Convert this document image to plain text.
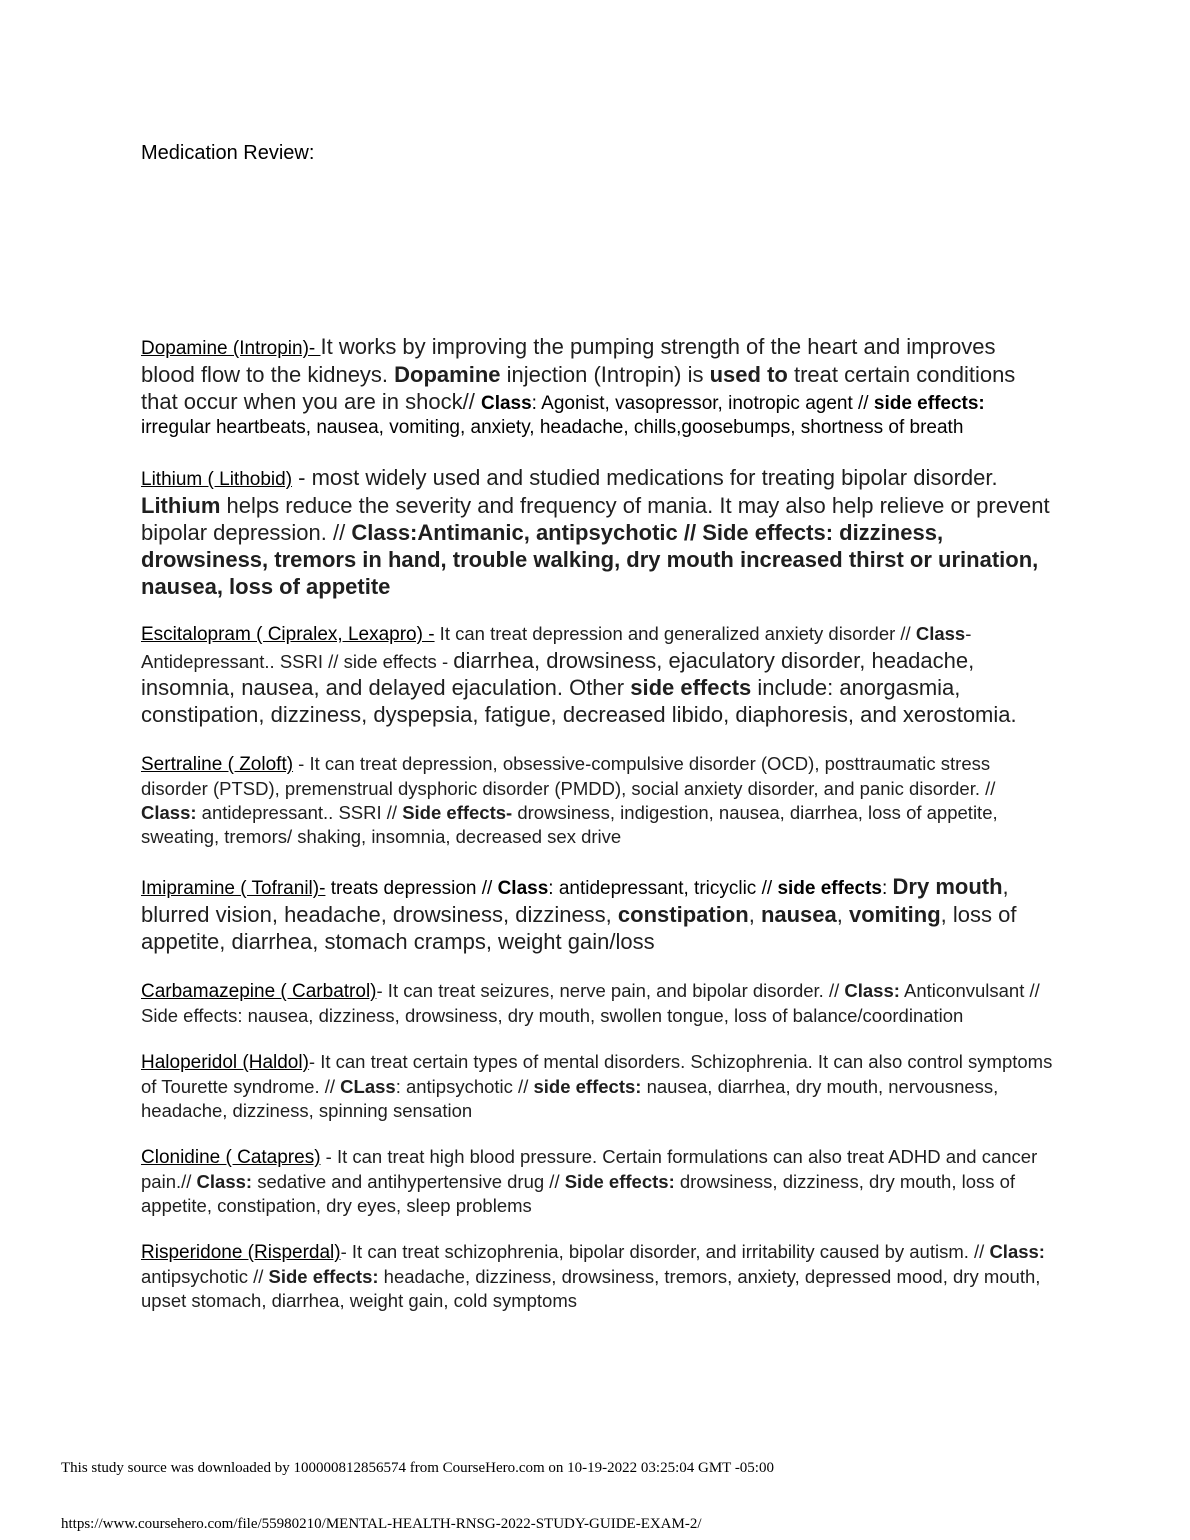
Medication Review:

Dopamine (Intropin)- It works by improving the pumping strength of the heart and improves blood flow to the kidneys. Dopamine injection (Intropin) is used to treat certain conditions that occur when you are in shock// Class: Agonist, vasopressor, inotropic agent // side effects: irregular heartbeats, nausea, vomiting, anxiety, headache, chills,goosebumps, shortness of breath

Lithium ( Lithobid) - most widely used and studied medications for treating bipolar disorder. Lithium helps reduce the severity and frequency of mania. It may also help relieve or prevent bipolar depression. // Class:Antimanic, antipsychotic // Side effects: dizziness, drowsiness, tremors in hand, trouble walking, dry mouth increased thirst or urination, nausea, loss of appetite

Escitalopram ( Cipralex, Lexapro) - It can treat depression and generalized anxiety disorder // Class- Antidepressant.. SSRI // side effects - diarrhea, drowsiness, ejaculatory disorder, headache, insomnia, nausea, and delayed ejaculation. Other side effects include: anorgasmia, constipation, dizziness, dyspepsia, fatigue, decreased libido, diaphoresis, and xerostomia.

Sertraline ( Zoloft) - It can treat depression, obsessive-compulsive disorder (OCD), posttraumatic stress disorder (PTSD), premenstrual dysphoric disorder (PMDD), social anxiety disorder, and panic disorder. // Class: antidepressant.. SSRI // Side effects- drowsiness, indigestion, nausea, diarrhea, loss of appetite, sweating, tremors/ shaking, insomnia, decreased sex drive

Imipramine ( Tofranil)- treats depression // Class: antidepressant, tricyclic // side effects: Dry mouth, blurred vision, headache, drowsiness, dizziness, constipation, nausea, vomiting, loss of appetite, diarrhea, stomach cramps, weight gain/loss

Carbamazepine ( Carbatrol)- It can treat seizures, nerve pain, and bipolar disorder. // Class: Anticonvulsant // Side effects: nausea, dizziness, drowsiness, dry mouth, swollen tongue, loss of balance/coordination

Haloperidol (Haldol)- It can treat certain types of mental disorders. Schizophrenia. It can also control symptoms of Tourette syndrome. // CLass: antipsychotic // side effects: nausea, diarrhea, dry mouth, nervousness, headache, dizziness, spinning sensation

Clonidine ( Catapres) - It can treat high blood pressure. Certain formulations can also treat ADHD and cancer pain.// Class: sedative and antihypertensive drug // Side effects: drowsiness, dizziness, dry mouth, loss of appetite, constipation, dry eyes, sleep problems

Risperidone (Risperdal)- It can treat schizophrenia, bipolar disorder, and irritability caused by autism. // Class: antipsychotic // Side effects: headache, dizziness, drowsiness, tremors, anxiety, depressed mood, dry mouth, upset stomach, diarrhea, weight gain, cold symptoms

This study source was downloaded by 100000812856574 from CourseHero.com on 10-19-2022 03:25:04 GMT -05:00
https://www.coursehero.com/file/55980210/MENTAL-HEALTH-RNSG-2022-STUDY-GUIDE-EXAM-2/
